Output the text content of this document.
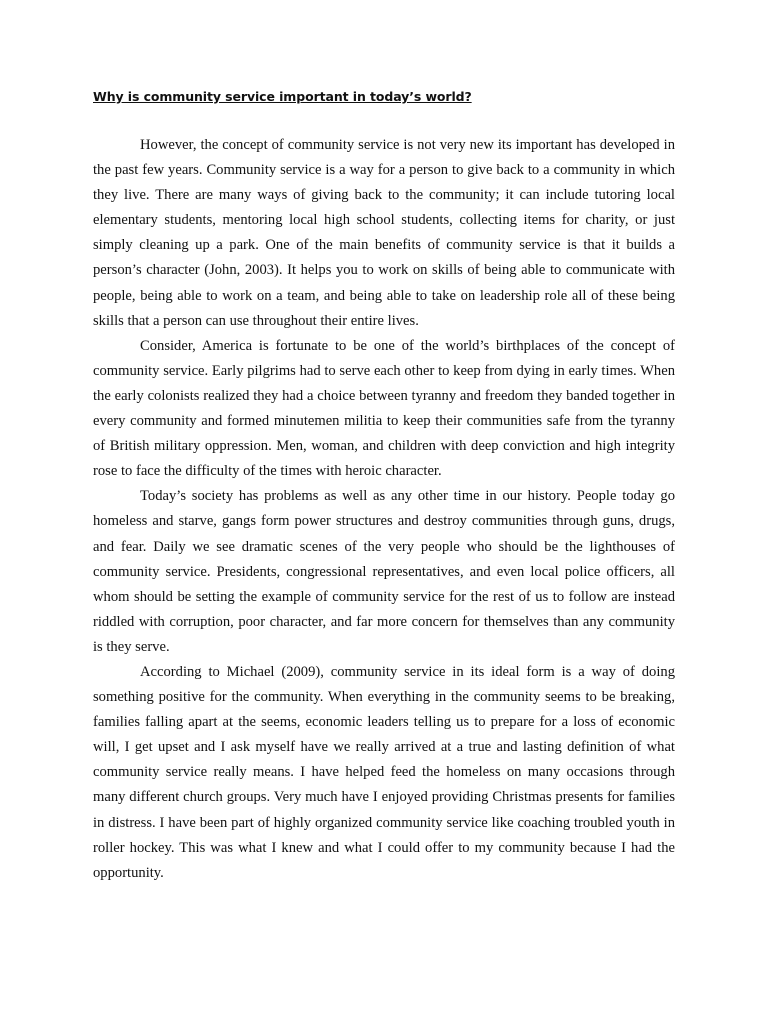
Why is community service important in today’s world?

However, the concept of community service is not very new its important has developed in the past few years. Community service is a way for a person to give back to a community in which they live. There are many ways of giving back to the community; it can include tutoring local elementary students, mentoring local high school students, collecting items for charity, or just simply cleaning up a park. One of the main benefits of community service is that it builds a person’s character (John, 2003). It helps you to work on skills of being able to communicate with people, being able to work on a team, and being able to take on leadership role all of these being skills that a person can use throughout their entire lives.

Consider, America is fortunate to be one of the world’s birthplaces of the concept of community service. Early pilgrims had to serve each other to keep from dying in early times. When the early colonists realized they had a choice between tyranny and freedom they banded together in every community and formed minutemen militia to keep their communities safe from the tyranny of British military oppression. Men, woman, and children with deep conviction and high integrity rose to face the difficulty of the times with heroic character.

Today’s society has problems as well as any other time in our history. People today go homeless and starve, gangs form power structures and destroy communities through guns, drugs, and fear. Daily we see dramatic scenes of the very people who should be the lighthouses of community service. Presidents, congressional representatives, and even local police officers, all whom should be setting the example of community service for the rest of us to follow are instead riddled with corruption, poor character, and far more concern for themselves than any community is they serve.

According to Michael (2009), community service in its ideal form is a way of doing something positive for the community. When everything in the community seems to be breaking, families falling apart at the seems, economic leaders telling us to prepare for a loss of economic will, I get upset and I ask myself have we really arrived at a true and lasting definition of what community service really means. I have helped feed the homeless on many occasions through many different church groups. Very much have I enjoyed providing Christmas presents for families in distress. I have been part of highly organized community service like coaching troubled youth in roller hockey. This was what I knew and what I could offer to my community because I had the opportunity.
